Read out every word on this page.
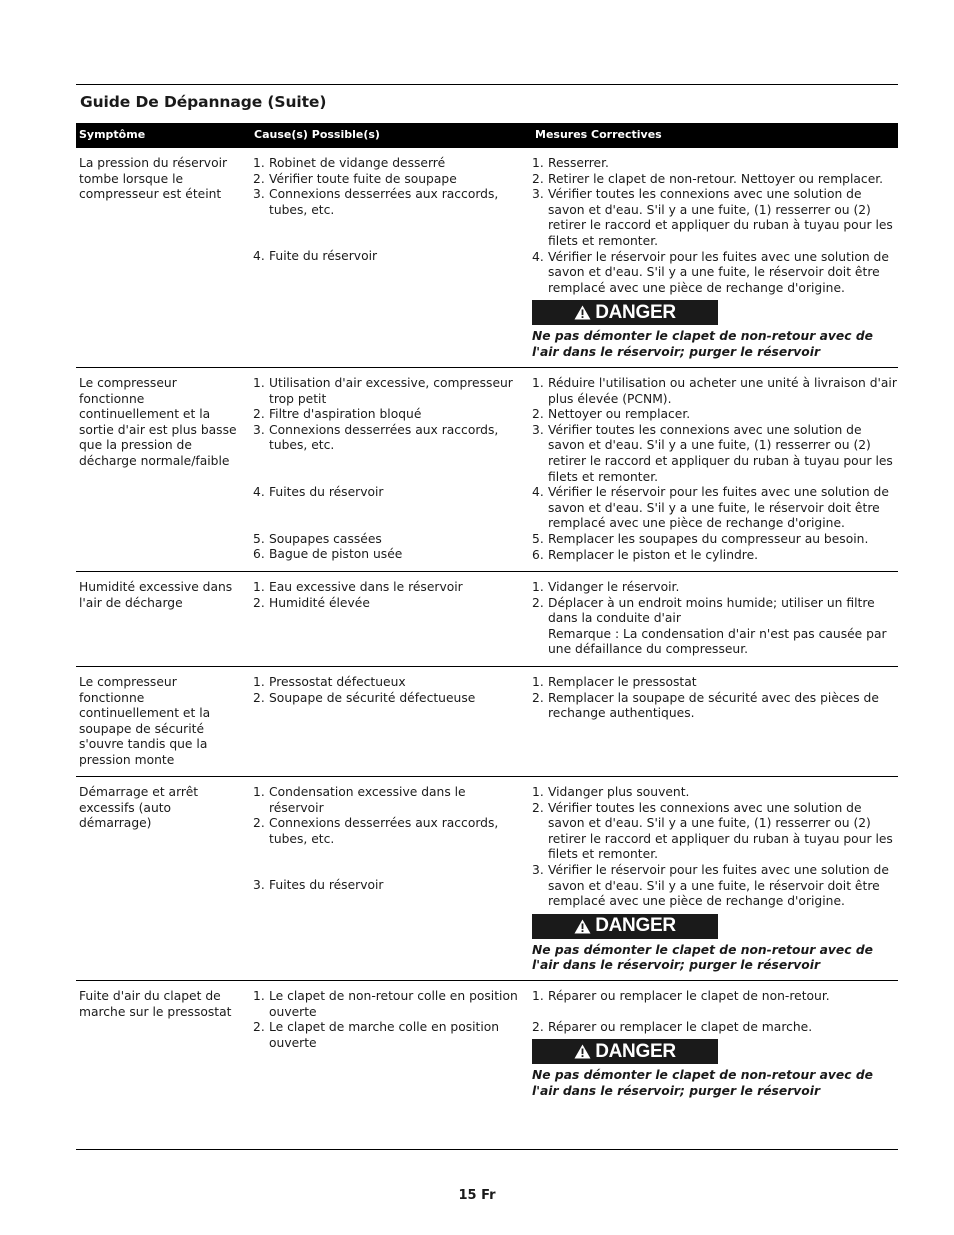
Guide De Dépannage (Suite)
Symptôme	Cause(s) Possible(s)	Mesures Correctives
La pression du réservoir tombe lorsque le compresseur est éteint
1. Robinet de vidange desserré
2. Vérifier toute fuite de soupape
3. Connexions desserrées aux raccords, tubes, etc.
4. Fuite du réservoir
1. Resserrer.
2. Retirer le clapet de non-retour. Nettoyer ou remplacer.
3. Vérifier toutes les connexions avec une solution de savon et d'eau. S'il y a une fuite, (1) resserrer ou (2) retirer le raccord et appliquer du ruban à tuyau pour les filets et remonter.
4. Vérifier le réservoir pour les fuites avec une solution de savon et d'eau. S'il y a une fuite, le réservoir doit être remplacé avec une pièce de rechange d'origine.
DANGER
Ne pas démonter le clapet de non-retour avec de l'air dans le réservoir; purger le réservoir
Le compresseur fonctionne continuellement et la sortie d'air est plus basse que la pression de décharge normale/faible
1. Utilisation d'air excessive, compresseur trop petit
2. Filtre d'aspiration bloqué
3. Connexions desserrées aux raccords, tubes, etc.
4. Fuites du réservoir
5. Soupapes cassées
6. Bague de piston usée
1. Réduire l'utilisation ou acheter une unité à livraison d'air plus élevée (PCNM).
2. Nettoyer ou remplacer.
3. Vérifier toutes les connexions avec une solution de savon et d'eau. S'il y a une fuite, (1) resserrer ou (2) retirer le raccord et appliquer du ruban à tuyau pour les filets et remonter.
4. Vérifier le réservoir pour les fuites avec une solution de savon et d'eau. S'il y a une fuite, le réservoir doit être remplacé avec une pièce de rechange d'origine.
5. Remplacer les soupapes du compresseur au besoin.
6. Remplacer le piston et le cylindre.
Humidité excessive dans l'air de décharge
1. Eau excessive dans le réservoir
2. Humidité élevée
1. Vidanger le réservoir.
2. Déplacer à un endroit moins humide; utiliser un filtre dans la conduite d'air
Remarque : La condensation d'air n'est pas causée par une défaillance du compresseur.
Le compresseur fonctionne continuellement et la soupape de sécurité s'ouvre tandis que la pression monte
1. Pressostat défectueux
2. Soupape de sécurité défectueuse
1. Remplacer le pressostat
2. Remplacer la soupape de sécurité avec des pièces de rechange authentiques.
Démarrage et arrêt excessifs (auto démarrage)
1. Condensation excessive dans le réservoir
2. Connexions desserrées aux raccords, tubes, etc.
3. Fuites du réservoir
1. Vidanger plus souvent.
2. Vérifier toutes les connexions avec une solution de savon et d'eau. S'il y a une fuite, (1) resserrer ou (2) retirer le raccord et appliquer du ruban à tuyau pour les filets et remonter.
3. Vérifier le réservoir pour les fuites avec une solution de savon et d'eau. S'il y a une fuite, le réservoir doit être remplacé avec une pièce de rechange d'origine.
DANGER
Ne pas démonter le clapet de non-retour avec de l'air dans le réservoir; purger le réservoir
Fuite d'air du clapet de marche sur le pressostat
1. Le clapet de non-retour colle en position ouverte
2. Le clapet de marche colle en position ouverte
1. Réparer ou remplacer le clapet de non-retour.
2. Réparer ou remplacer le clapet de marche.
DANGER
Ne pas démonter le clapet de non-retour avec de l'air dans le réservoir; purger le réservoir
15 Fr
